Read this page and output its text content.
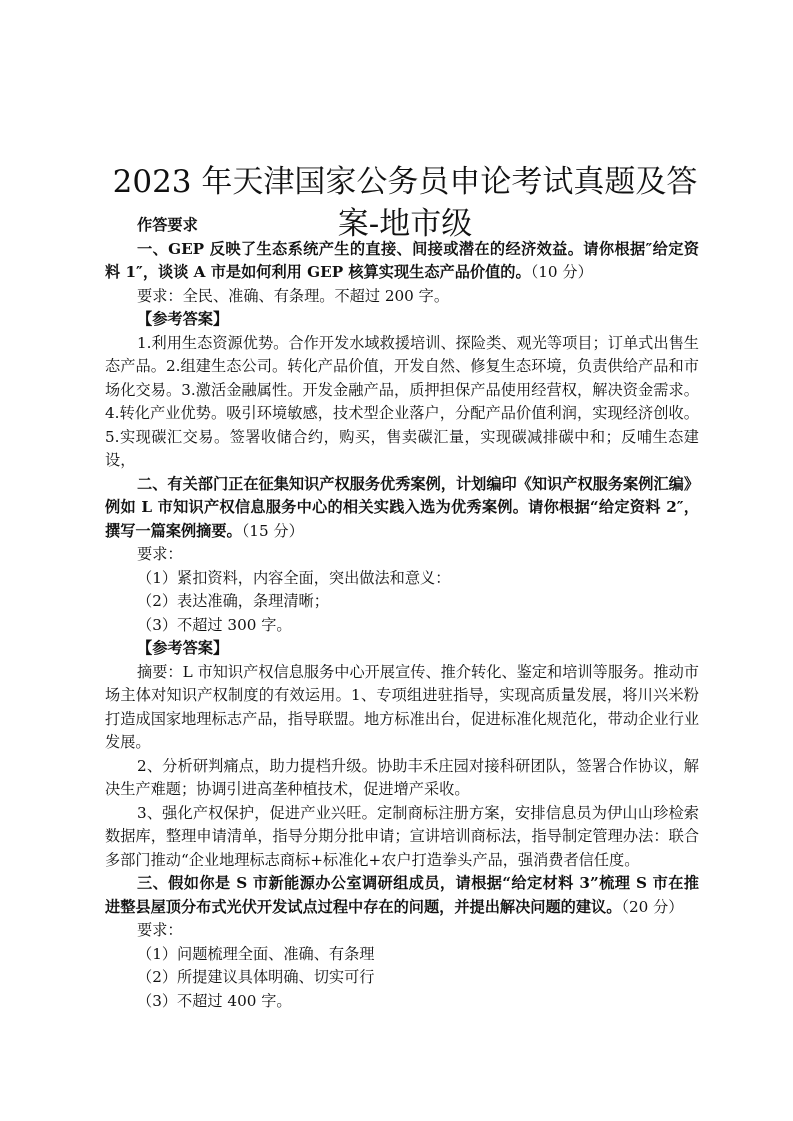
2023 年天津国家公务员申论考试真题及答案-地市级

作答要求

一、GEP 反映了生态系统产生的直接、间接或潜在的经济效益。请你根据″给定资料 1″，谈谈 A 市是如何利用 GEP 核算实现生态产品价值的。（10 分）

要求：全民、准确、有条理。不超过 200 字。

【参考答案】

1.利用生态资源优势。合作开发水域救援培训、探险类、观光等项目；订单式出售生态产品。2.组建生态公司。转化产品价值，开发自然、修复生态环境，负责供给产品和市场化交易。3.激活金融属性。开发金融产品，质押担保产品使用经营权，解决资金需求。4.转化产业优势。吸引环境敏感，技术型企业落户，分配产品价值利润，实现经济创收。5.实现碳汇交易。签署收储合约，购买，售卖碳汇量，实现碳减排碳中和；反哺生态建设，

二、有关部门正在征集知识产权服务优秀案例，计划编印《知识产权服务案例汇编》例如 L 市知识产权信息服务中心的相关实践入选为优秀案例。请你根据“给定资料 2″，撰写一篇案例摘要。（15 分）

要求：

（1）紧扣资料，内容全面，突出做法和意义：

（2）表达准确，条理清晰；

（3）不超过 300 字。

【参考答案】

摘要：L 市知识产权信息服务中心开展宣传、推介转化、鉴定和培训等服务。推动市场主体对知识产权制度的有效运用。1、专项组进驻指导，实现高质量发展，将川兴米粉打造成国家地理标志产品，指导联盟。地方标准出台，促进标准化规范化，带动企业行业发展。

2、分析研判痛点，助力提档升级。协助丰禾庄园对接科研团队，签署合作协议，解决生产难题；协调引进高垄种植技术，促进增产采收。

3、强化产权保护，促进产业兴旺。定制商标注册方案，安排信息员为伊山山珍检索数据库，整理申请清单，指导分期分批申请；宣讲培训商标法，指导制定管理办法：联合多部门推动“企业地理标志商标+标准化+农户打造拳头产品，强消费者信任度。

三、假如你是 S 市新能源办公室调研组成员，请根据“给定材料 3”梳理 S 市在推进整县屋顶分布式光伏开发试点过程中存在的问题，并提出解决问题的建议。（20 分）

要求：

（1）问题梳理全面、准确、有条理

（2）所提建议具体明确、切实可行

（3）不超过 400 字。
